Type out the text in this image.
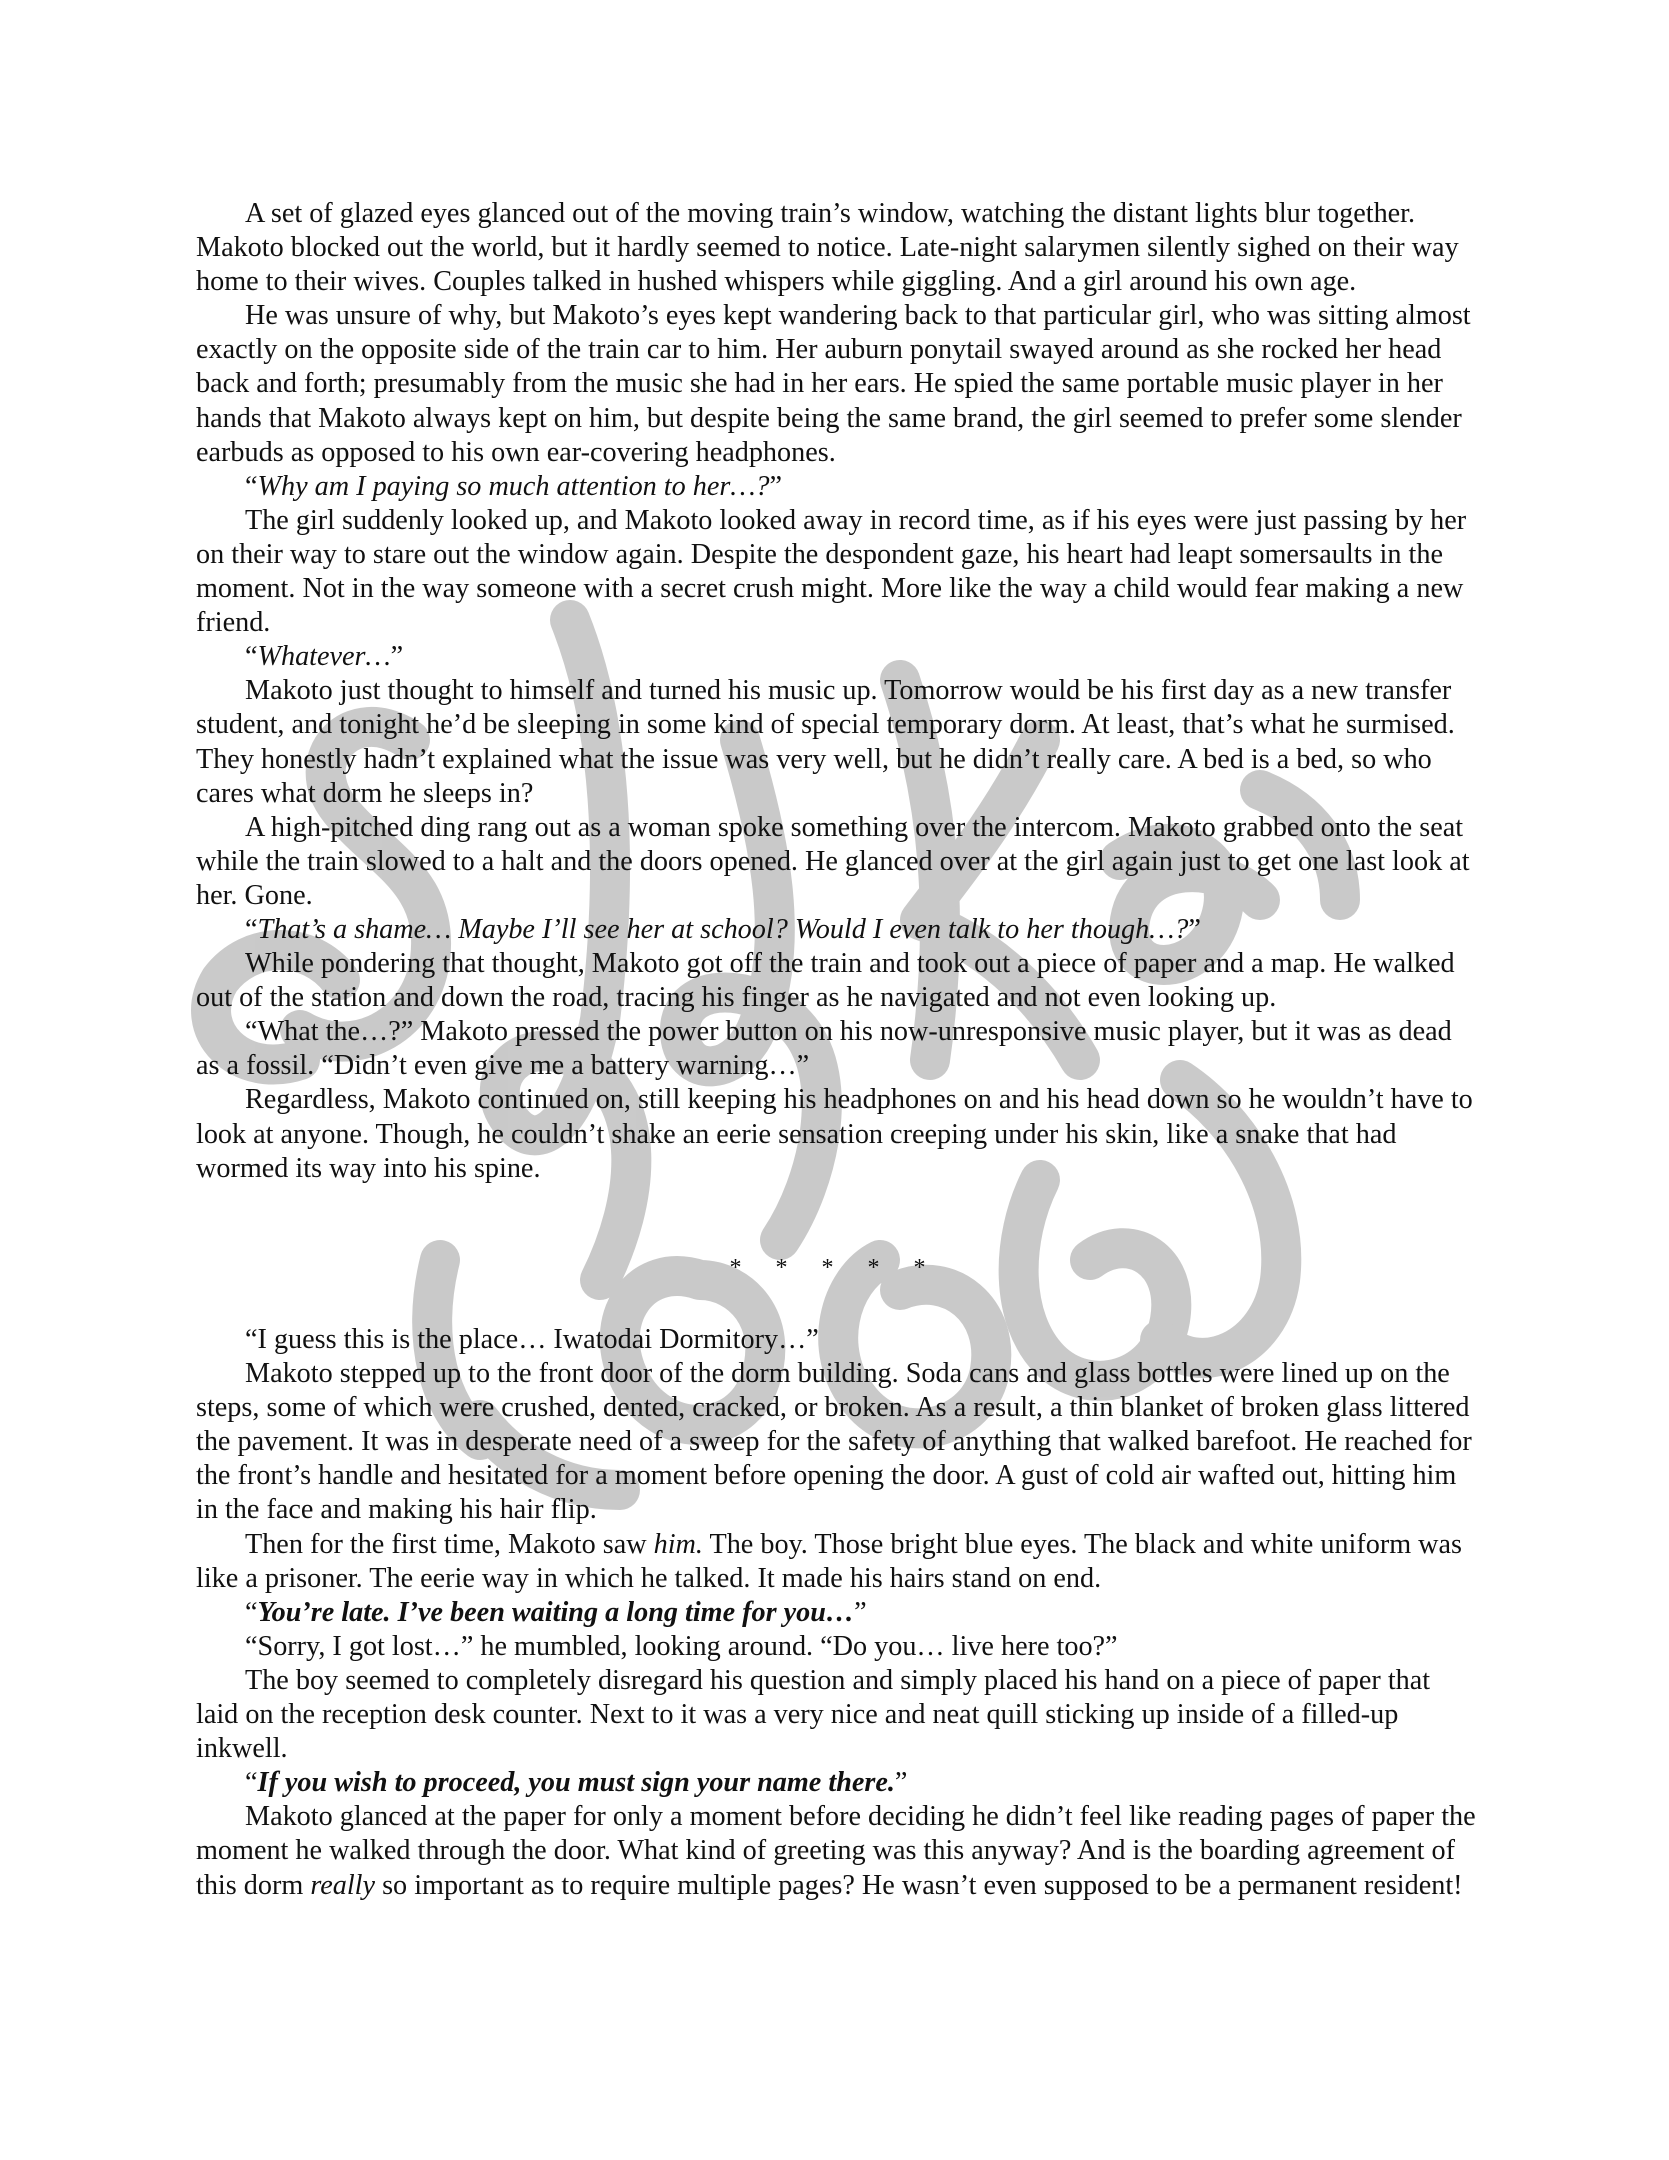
A set of glazed eyes glanced out of the moving train’s window, watching the distant lights blur together. Makoto blocked out the world, but it hardly seemed to notice. Late-night salarymen silently sighed on their way home to their wives. Couples talked in hushed whispers while giggling. And a girl around his own age.

He was unsure of why, but Makoto’s eyes kept wandering back to that particular girl, who was sitting almost exactly on the opposite side of the train car to him. Her auburn ponytail swayed around as she rocked her head back and forth; presumably from the music she had in her ears. He spied the same portable music player in her hands that Makoto always kept on him, but despite being the same brand, the girl seemed to prefer some slender earbuds as opposed to his own ear-covering headphones.

“Why am I paying so much attention to her…?”

The girl suddenly looked up, and Makoto looked away in record time, as if his eyes were just passing by her on their way to stare out the window again. Despite the despondent gaze, his heart had leapt somersaults in the moment. Not in the way someone with a secret crush might. More like the way a child would fear making a new friend.

“Whatever…”

Makoto just thought to himself and turned his music up. Tomorrow would be his first day as a new transfer student, and tonight he’d be sleeping in some kind of special temporary dorm. At least, that’s what he surmised. They honestly hadn’t explained what the issue was very well, but he didn’t really care. A bed is a bed, so who cares what dorm he sleeps in?

A high-pitched ding rang out as a woman spoke something over the intercom. Makoto grabbed onto the seat while the train slowed to a halt and the doors opened. He glanced over at the girl again just to get one last look at her. Gone.

“That’s a shame… Maybe I’ll see her at school? Would I even talk to her though…?”

While pondering that thought, Makoto got off the train and took out a piece of paper and a map. He walked out of the station and down the road, tracing his finger as he navigated and not even looking up.

“What the…?” Makoto pressed the power button on his now-unresponsive music player, but it was as dead as a fossil. “Didn’t even give me a battery warning…”

Regardless, Makoto continued on, still keeping his headphones on and his head down so he wouldn’t have to look at anyone. Though, he couldn’t shake an eerie sensation creeping under his skin, like a snake that had wormed its way into his spine.

* * * * *

“I guess this is the place… Iwatodai Dormitory…”

Makoto stepped up to the front door of the dorm building. Soda cans and glass bottles were lined up on the steps, some of which were crushed, dented, cracked, or broken. As a result, a thin blanket of broken glass littered the pavement. It was in desperate need of a sweep for the safety of anything that walked barefoot. He reached for the front’s handle and hesitated for a moment before opening the door. A gust of cold air wafted out, hitting him in the face and making his hair flip.

Then for the first time, Makoto saw him. The boy. Those bright blue eyes. The black and white uniform was like a prisoner. The eerie way in which he talked. It made his hairs stand on end.

“You’re late. I’ve been waiting a long time for you…”

“Sorry, I got lost…” he mumbled, looking around. “Do you… live here too?”

The boy seemed to completely disregard his question and simply placed his hand on a piece of paper that laid on the reception desk counter. Next to it was a very nice and neat quill sticking up inside of a filled-up inkwell.

“If you wish to proceed, you must sign your name there.”

Makoto glanced at the paper for only a moment before deciding he didn’t feel like reading pages of paper the moment he walked through the door. What kind of greeting was this anyway? And is the boarding agreement of this dorm really so important as to require multiple pages? He wasn’t even supposed to be a permanent resident!
